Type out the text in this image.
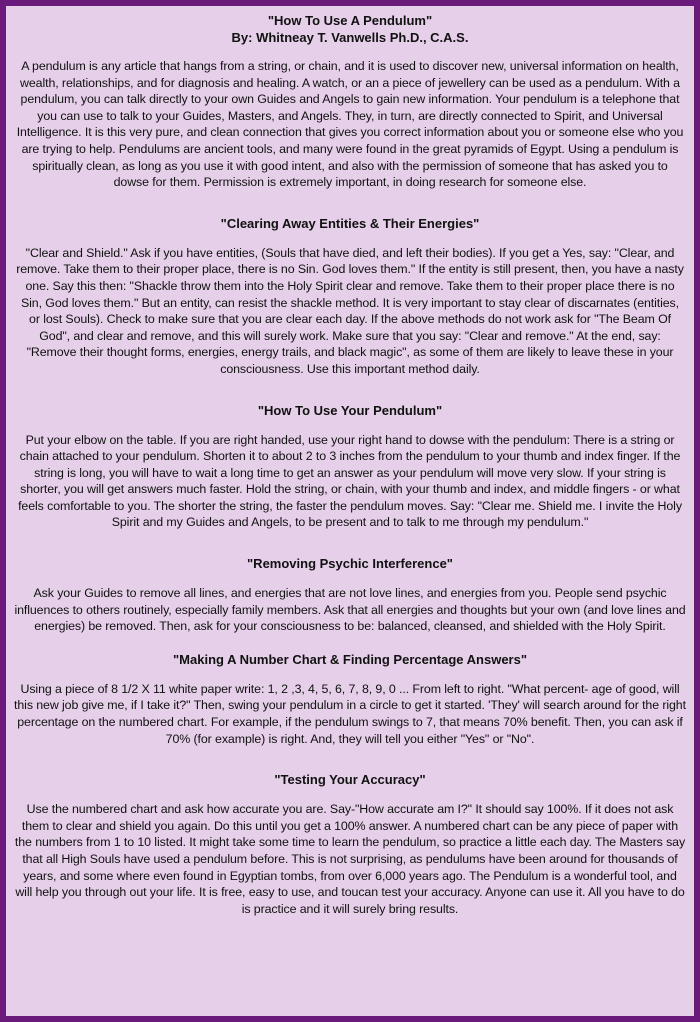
"How To Use A Pendulum"
By: Whitneay T. Vanwells Ph.D., C.A.S.

A pendulum is any article that hangs from a string, or chain, and it is used to discover new, universal information on health, wealth, relationships, and for diagnosis and healing. A watch, or an a piece of jewellery can be used as a pendulum. With a pendulum, you can talk directly to your own Guides and Angels to gain new information. Your pendulum is a telephone that you can use to talk to your Guides, Masters, and Angels. They, in turn, are directly connected to Spirit, and Universal Intelligence. It is this very pure, and clean connection that gives you correct information about you or someone else who you are trying to help. Pendulums are ancient tools, and many were found in the great pyramids of Egypt. Using a pendulum is spiritually clean, as long as you use it with good intent, and also with the permission of someone that has asked you to dowse for them. Permission is extremely important, in doing research for someone else.

"Clearing Away Entities & Their Energies"

"Clear and Shield." Ask if you have entities, (Souls that have died, and left their bodies). If you get a Yes, say: "Clear, and remove. Take them to their proper place, there is no Sin. God loves them." If the entity is still present, then, you have a nasty one. Say this then: "Shackle throw them into the Holy Spirit clear and remove. Take them to their proper place there is no Sin, God loves them." But an entity, can resist the shackle method. It is very important to stay clear of discarnates (entities, or lost Souls). Check to make sure that you are clear each day. If the above methods do not work ask for "The Beam Of God", and clear and remove, and this will surely work. Make sure that you say: "Clear and remove." At the end, say: "Remove their thought forms, energies, energy trails, and black magic", as some of them are likely to leave these in your consciousness. Use this important method daily.

"How To Use Your Pendulum"

Put your elbow on the table. If you are right handed, use your right hand to dowse with the pendulum: There is a string or chain attached to your pendulum. Shorten it to about 2 to 3 inches from the pendulum to your thumb and index finger. If the string is long, you will have to wait a long time to get an answer as your pendulum will move very slow. If your string is shorter, you will get answers much faster. Hold the string, or chain, with your thumb and index, and middle fingers - or what feels comfortable to you. The shorter the string, the faster the pendulum moves. Say: "Clear me. Shield me. I invite the Holy Spirit and my Guides and Angels, to be present and to talk to me through my pendulum."

"Removing Psychic Interference"

Ask your Guides to remove all lines, and energies that are not love lines, and energies from you. People send psychic influences to others routinely, especially family members. Ask that all energies and thoughts but your own (and love lines and energies) be removed. Then, ask for your consciousness to be: balanced, cleansed, and shielded with the Holy Spirit.

"Making A Number Chart & Finding Percentage Answers"

Using a piece of 8 1/2 X 11 white paper write: 1, 2 ,3, 4, 5, 6, 7, 8, 9, 0 ... From left to right. "What percent- age of good, will this new job give me, if I take it?" Then, swing your pendulum in a circle to get it started. 'They' will search around for the right percentage on the numbered chart. For example, if the pendulum swings to 7, that means 70% benefit. Then, you can ask if 70% (for example) is right. And, they will tell you either "Yes" or "No".

"Testing Your Accuracy"

Use the numbered chart and ask how accurate you are. Say-"How accurate am I?" It should say 100%. If it does not ask them to clear and shield you again. Do this until you get a 100% answer. A numbered chart can be any piece of paper with the numbers from 1 to 10 listed. It might take some time to learn the pendulum, so practice a little each day. The Masters say that all High Souls have used a pendulum before. This is not surprising, as pendulums have been around for thousands of years, and some where even found in Egyptian tombs, from over 6,000 years ago. The Pendulum is a wonderful tool, and will help you through out your life. It is free, easy to use, and toucan test your accuracy. Anyone can use it. All you have to do is practice and it will surely bring results.
